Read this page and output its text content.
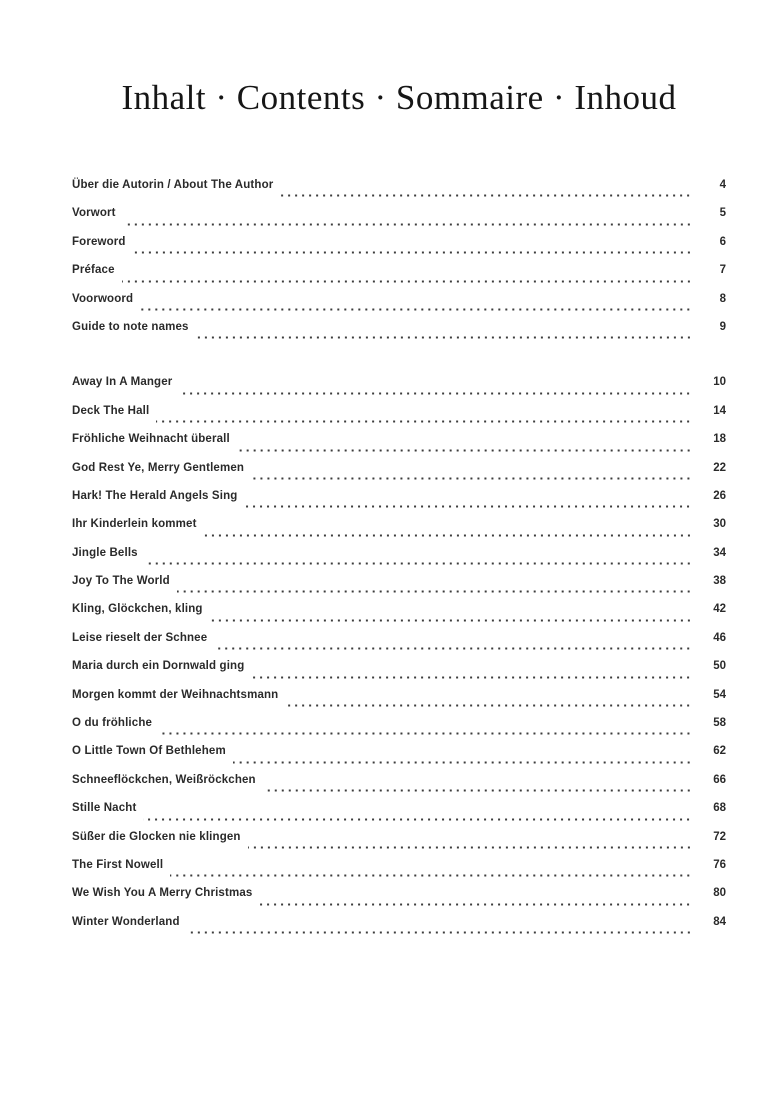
Inhalt · Contents · Sommaire · Inhoud
Über die Autorin / About The Author	4
Vorwort	5
Foreword	6
Préface	7
Voorwoord	8
Guide to note names	9
Away In A Manger	10
Deck The Hall	14
Fröhliche Weihnacht überall	18
God Rest Ye, Merry Gentlemen	22
Hark! The Herald Angels Sing	26
Ihr Kinderlein kommet	30
Jingle Bells	34
Joy To The World	38
Kling, Glöckchen, kling	42
Leise rieselt der Schnee	46
Maria durch ein Dornwald ging	50
Morgen kommt der Weihnachtsmann	54
O du fröhliche	58
O Little Town Of Bethlehem	62
Schneeflöckchen, Weißröckchen	66
Stille Nacht	68
Süßer die Glocken nie klingen	72
The First Nowell	76
We Wish You A Merry Christmas	80
Winter Wonderland	84
